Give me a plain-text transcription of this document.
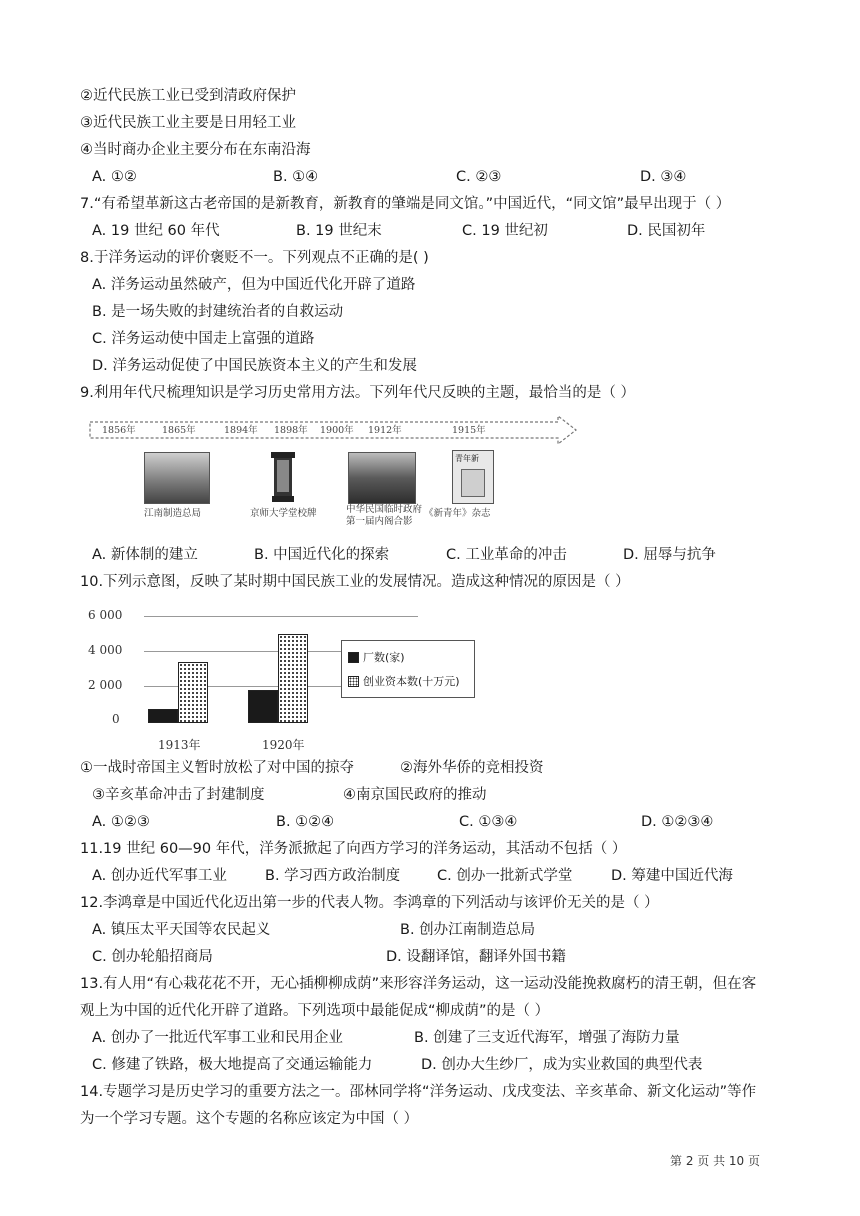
②近代民族工业已受到清政府保护
③近代民族工业主要是日用轻工业
④当时商办企业主要分布在东南沿海
A. ①②	B. ①④	C. ②③	D. ③④
7.“有希望革新这古老帝国的是新教育，新教育的肇端是同文馆。”中国近代，“同文馆”最早出现于（ ）
A. 19 世纪 60 年代	B. 19 世纪末	C. 19 世纪初	D. 民国初年
8.于洋务运动的评价褒贬不一。下列观点不正确的是( )
A. 洋务运动虽然破产，但为中国近代化开辟了道路
B. 是一场失败的封建统治者的自救运动
C. 洋务运动使中国走上富强的道路
D. 洋务运动促使了中国民族资本主义的产生和发展
9.利用年代尺梳理知识是学习历史常用方法。下列年代尺反映的主题，最恰当的是（ ）
1856年	1865年	1894年 1898年 1900年 1912年	1915年
青年新
江南制造总局	京师大学堂校牌	中华民国临时政府
第一届内阁合影
《新青年》杂志
A. 新体制的建立	B. 中国近代化的探索	C. 工业革命的冲击	D. 屈辱与抗争
10.下列示意图，反映了某时期中国民族工业的发展情况。造成这种情况的原因是（ ）
6 000
4 000
2 000
0
1913年	1920年
厂数(家)
创业资本数(十万元)
①一战时帝国主义暂时放松了对中国的掠夺	②海外华侨的竞相投资
③辛亥革命冲击了封建制度	④南京国民政府的推动
A. ①②③	B. ①②④	C. ①③④	D. ①②③④
11.19 世纪 60—90 年代，洋务派掀起了向西方学习的洋务运动，其活动不包括（ ）
A. 创办近代军事工业	B. 学习西方政治制度	C. 创办一批新式学堂	D. 筹建中国近代海
12.李鸿章是中国近代化迈出第一步的代表人物。李鸿章的下列活动与该评价无关的是（ ）
A. 镇压太平天国等农民起义	B. 创办江南制造总局
C. 创办轮船招商局	D. 设翻译馆，翻译外国书籍
13.有人用“有心栽花花不开，无心插柳柳成荫”来形容洋务运动，这一运动没能挽救腐朽的清王朝，但在客
观上为中国的近代化开辟了道路。下列选项中最能促成“柳成荫”的是（ ）
A. 创办了一批近代军事工业和民用企业	B. 创建了三支近代海军，增强了海防力量
C. 修建了铁路，极大地提高了交通运输能力	D. 创办大生纱厂，成为实业救国的典型代表
14.专题学习是历史学习的重要方法之一。邵林同学将“洋务运动、戊戌变法、辛亥革命、新文化运动”等作
为一个学习专题。这个专题的名称应该定为中国（ ）
第 2 页 共 10 页
